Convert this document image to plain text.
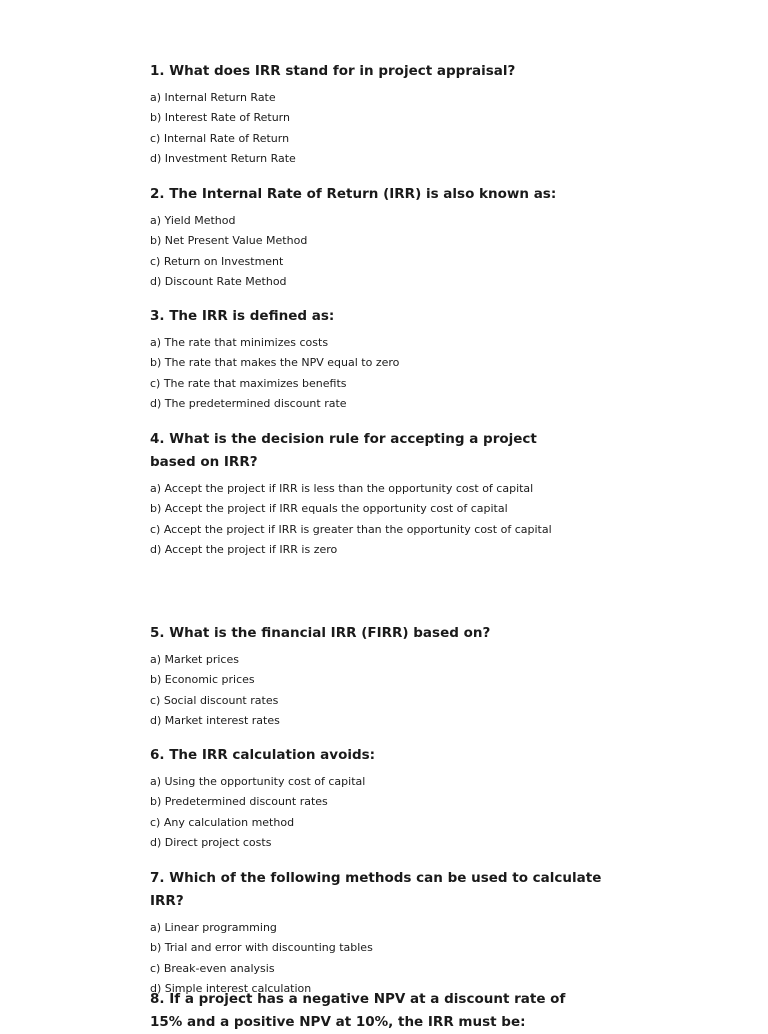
1. What does IRR stand for in project appraisal?
a) Internal Return Rate
b) Interest Rate of Return
c) Internal Rate of Return
d) Investment Return Rate
2. The Internal Rate of Return (IRR) is also known as:
a) Yield Method
b) Net Present Value Method
c) Return on Investment
d) Discount Rate Method
3. The IRR is defined as:
a) The rate that minimizes costs
b) The rate that makes the NPV equal to zero
c) The rate that maximizes benefits
d) The predetermined discount rate
4. What is the decision rule for accepting a project based on IRR?
a) Accept the project if IRR is less than the opportunity cost of capital
b) Accept the project if IRR equals the opportunity cost of capital
c) Accept the project if IRR is greater than the opportunity cost of capital
d) Accept the project if IRR is zero
5. What is the financial IRR (FIRR) based on?
a) Market prices
b) Economic prices
c) Social discount rates
d) Market interest rates
6. The IRR calculation avoids:
a) Using the opportunity cost of capital
b) Predetermined discount rates
c) Any calculation method
d) Direct project costs
7. Which of the following methods can be used to calculate IRR?
a) Linear programming
b) Trial and error with discounting tables
c) Break-even analysis
d) Simple interest calculation
8. If a project has a negative NPV at a discount rate of 15% and a positive NPV at 10%, the IRR must be:
